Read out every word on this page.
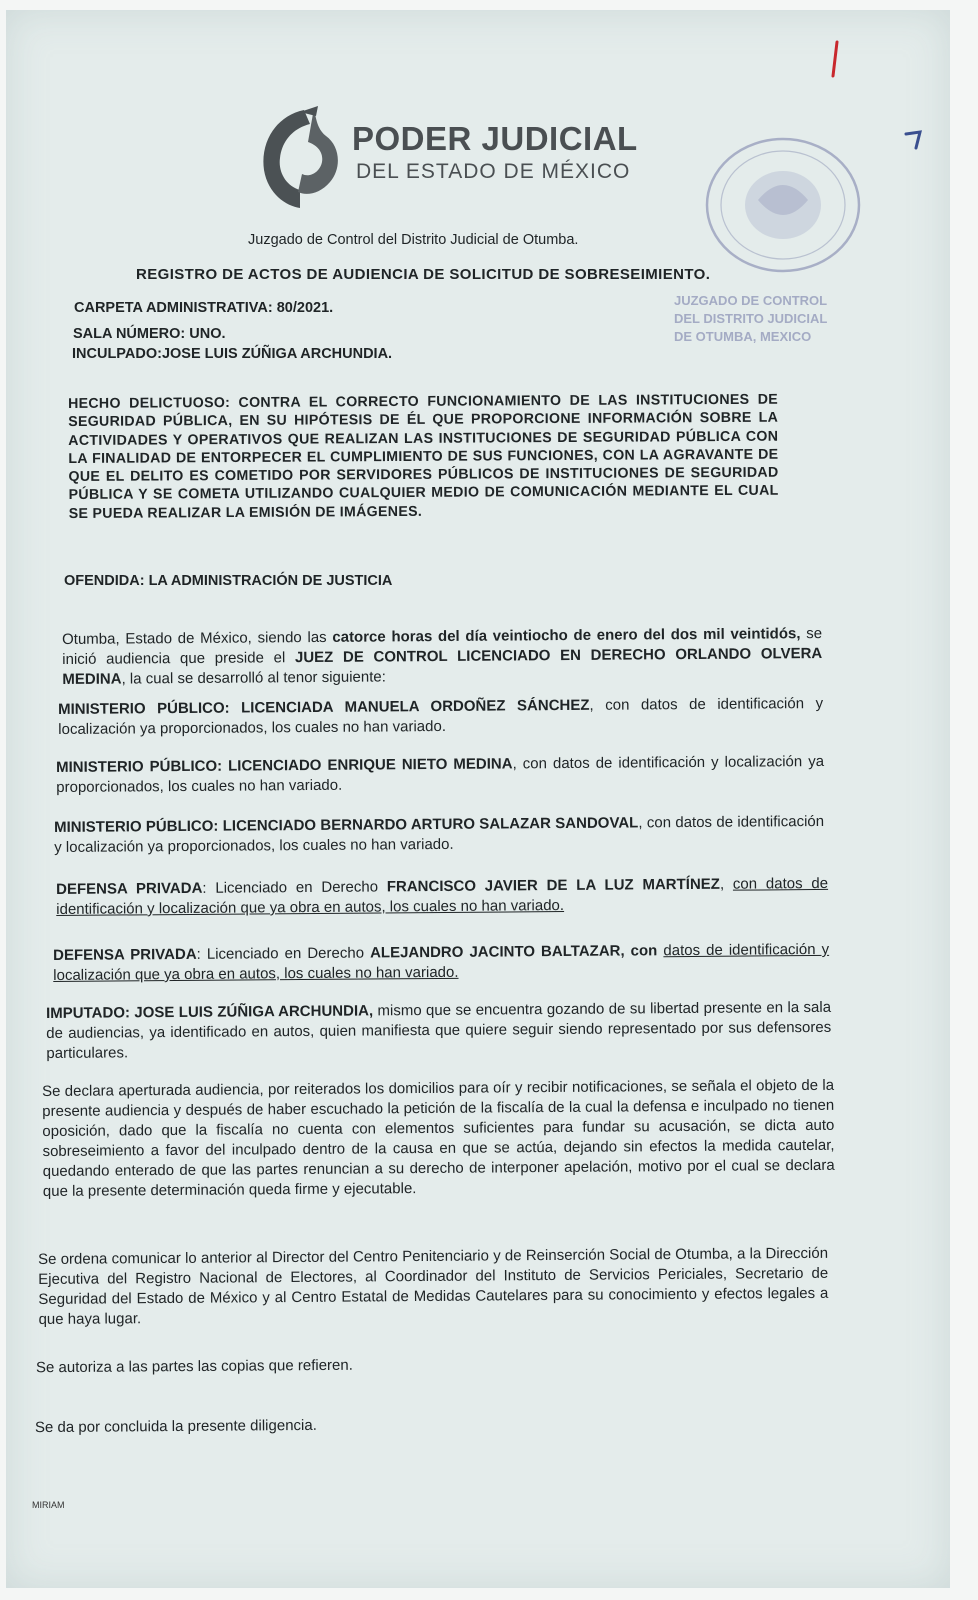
PODER JUDICIAL
DEL ESTADO DE MÉXICO
JUZGADO DE CONTROL
DEL DISTRITO JUDICIAL
DE OTUMBA, MEXICO
Juzgado de Control del Distrito Judicial de Otumba.
REGISTRO DE ACTOS DE AUDIENCIA DE SOLICITUD DE SOBRESEIMIENTO.
CARPETA ADMINISTRATIVA: 80/2021.
SALA NÚMERO: UNO.
INCULPADO:JOSE LUIS ZÚÑIGA ARCHUNDIA.
HECHO DELICTUOSO: CONTRA EL CORRECTO FUNCIONAMIENTO DE LAS INSTITUCIONES DE SEGURIDAD PÚBLICA, EN SU HIPÓTESIS DE ÉL QUE PROPORCIONE INFORMACIÓN SOBRE LA ACTIVIDADES Y OPERATIVOS QUE REALIZAN LAS INSTITUCIONES DE SEGURIDAD PÚBLICA CON LA FINALIDAD DE ENTORPECER EL CUMPLIMIENTO DE SUS FUNCIONES, CON LA AGRAVANTE DE QUE EL DELITO ES COMETIDO POR SERVIDORES PÚBLICOS DE INSTITUCIONES DE SEGURIDAD PÚBLICA Y SE COMETA UTILIZANDO CUALQUIER MEDIO DE COMUNICACIÓN MEDIANTE EL CUAL SE PUEDA REALIZAR LA EMISIÓN DE IMÁGENES.
OFENDIDA: LA ADMINISTRACIÓN DE JUSTICIA
Otumba, Estado de México, siendo las catorce horas del día veintiocho de enero del dos mil veintidós, se inició audiencia que preside el JUEZ DE CONTROL LICENCIADO EN DERECHO ORLANDO OLVERA MEDINA, la cual se desarrolló al tenor siguiente:
MINISTERIO PÚBLICO: LICENCIADA MANUELA ORDOÑEZ SÁNCHEZ, con datos de identificación y localización ya proporcionados, los cuales no han variado.
MINISTERIO PÚBLICO: LICENCIADO ENRIQUE NIETO MEDINA, con datos de identificación y localización ya proporcionados, los cuales no han variado.
MINISTERIO PÚBLICO: LICENCIADO BERNARDO ARTURO SALAZAR SANDOVAL, con datos de identificación y localización ya proporcionados, los cuales no han variado.
DEFENSA PRIVADA: Licenciado en Derecho FRANCISCO JAVIER DE LA LUZ MARTÍNEZ, con datos de identificación y localización que ya obra en autos, los cuales no han variado.
DEFENSA PRIVADA: Licenciado en Derecho ALEJANDRO JACINTO BALTAZAR, con datos de identificación y localización que ya obra en autos, los cuales no han variado.
IMPUTADO: JOSE LUIS ZÚÑIGA ARCHUNDIA, mismo que se encuentra gozando de su libertad presente en la sala de audiencias, ya identificado en autos, quien manifiesta que quiere seguir siendo representado por sus defensores particulares.
Se declara aperturada audiencia, por reiterados los domicilios para oír y recibir notificaciones, se señala el objeto de la presente audiencia y después de haber escuchado la petición de la fiscalía de la cual la defensa e inculpado no tienen oposición, dado que la fiscalía no cuenta con elementos suficientes para fundar su acusación, se dicta auto sobreseimiento a favor del inculpado dentro de la causa en que se actúa, dejando sin efectos la medida cautelar, quedando enterado de que las partes renuncian a su derecho de interponer apelación, motivo por el cual se declara que la presente determinación queda firme y ejecutable.
Se ordena comunicar lo anterior al Director del Centro Penitenciario y de Reinserción Social de Otumba, a la Dirección Ejecutiva del Registro Nacional de Electores, al Coordinador del Instituto de Servicios Periciales, Secretario de Seguridad del Estado de México y al Centro Estatal de Medidas Cautelares para su conocimiento y efectos legales a que haya lugar.
Se autoriza a las partes las copias que refieren.
Se da por concluida la presente diligencia.
MIRIAM
